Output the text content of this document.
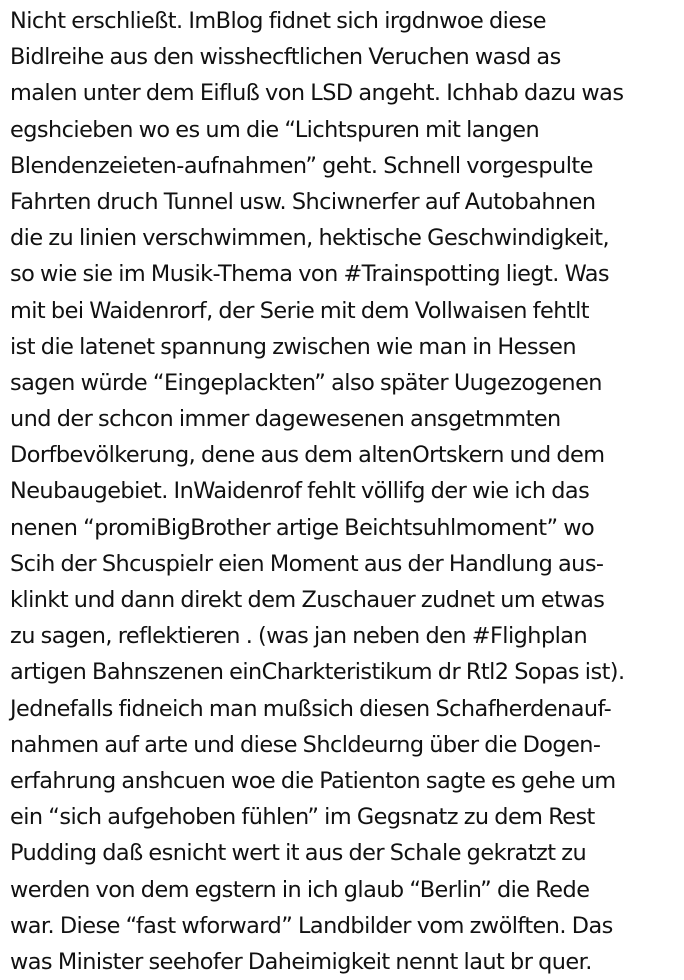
Nicht erschließt. ImBlog fidnet sich irgdnwoe diese
Bidlreihe aus den wisshecftlichen Veruchen wasd as
malen unter dem Eifluß von LSD angeht. Ichhab dazu was
egshcieben wo es um die “Lichtspuren mit langen
Blendenzeieten-aufnahmen” geht. Schnell vorgespulte
Fahrten druch Tunnel usw. Shciwnerfer auf Autobahnen
die zu linien verschwimmen, hektische Geschwindigkeit,
so wie sie im Musik-Thema von #Trainspotting liegt. Was
mit bei Waidenrorf, der Serie mit dem Vollwaisen fehtlt
ist die latenet spannung zwischen wie man in Hessen
sagen würde “Eingeplackten” also später Uugezogenen
und der schcon immer dagewesenen ansgetmmten
Dorfbevölkerung, dene aus dem altenOrtskern und dem
Neubaugebiet. InWaidenrof fehlt völlifg der wie ich das
nenen “promiBigBrother artige Beichtsuhlmoment” wo
Scih der Shcuspielr eien Moment aus der Handlung aus-
klinkt und dann direkt dem Zuschauer zudnet um etwas
zu sagen, reflektieren . (was jan neben den #Flighplan
artigen Bahnszenen einCharkteristikum dr Rtl2 Sopas ist).
Jednefalls fidneich man mußsich diesen Schafherdenauf-
nahmen auf arte und diese Shcldeurng über die Dogen-
erfahrung anshcuen woe die Patienton sagte es gehe um
ein “sich aufgehoben fühlen” im Gegsnatz zu dem Rest
Pudding daß esnicht wert it aus der Schale gekratzt zu
werden von dem egstern in ich glaub “Berlin” die Rede
war. Diese “fast wforward” Landbilder vom zwölften. Das
was Minister seehofer Daheimigkeit nennt laut br quer.
